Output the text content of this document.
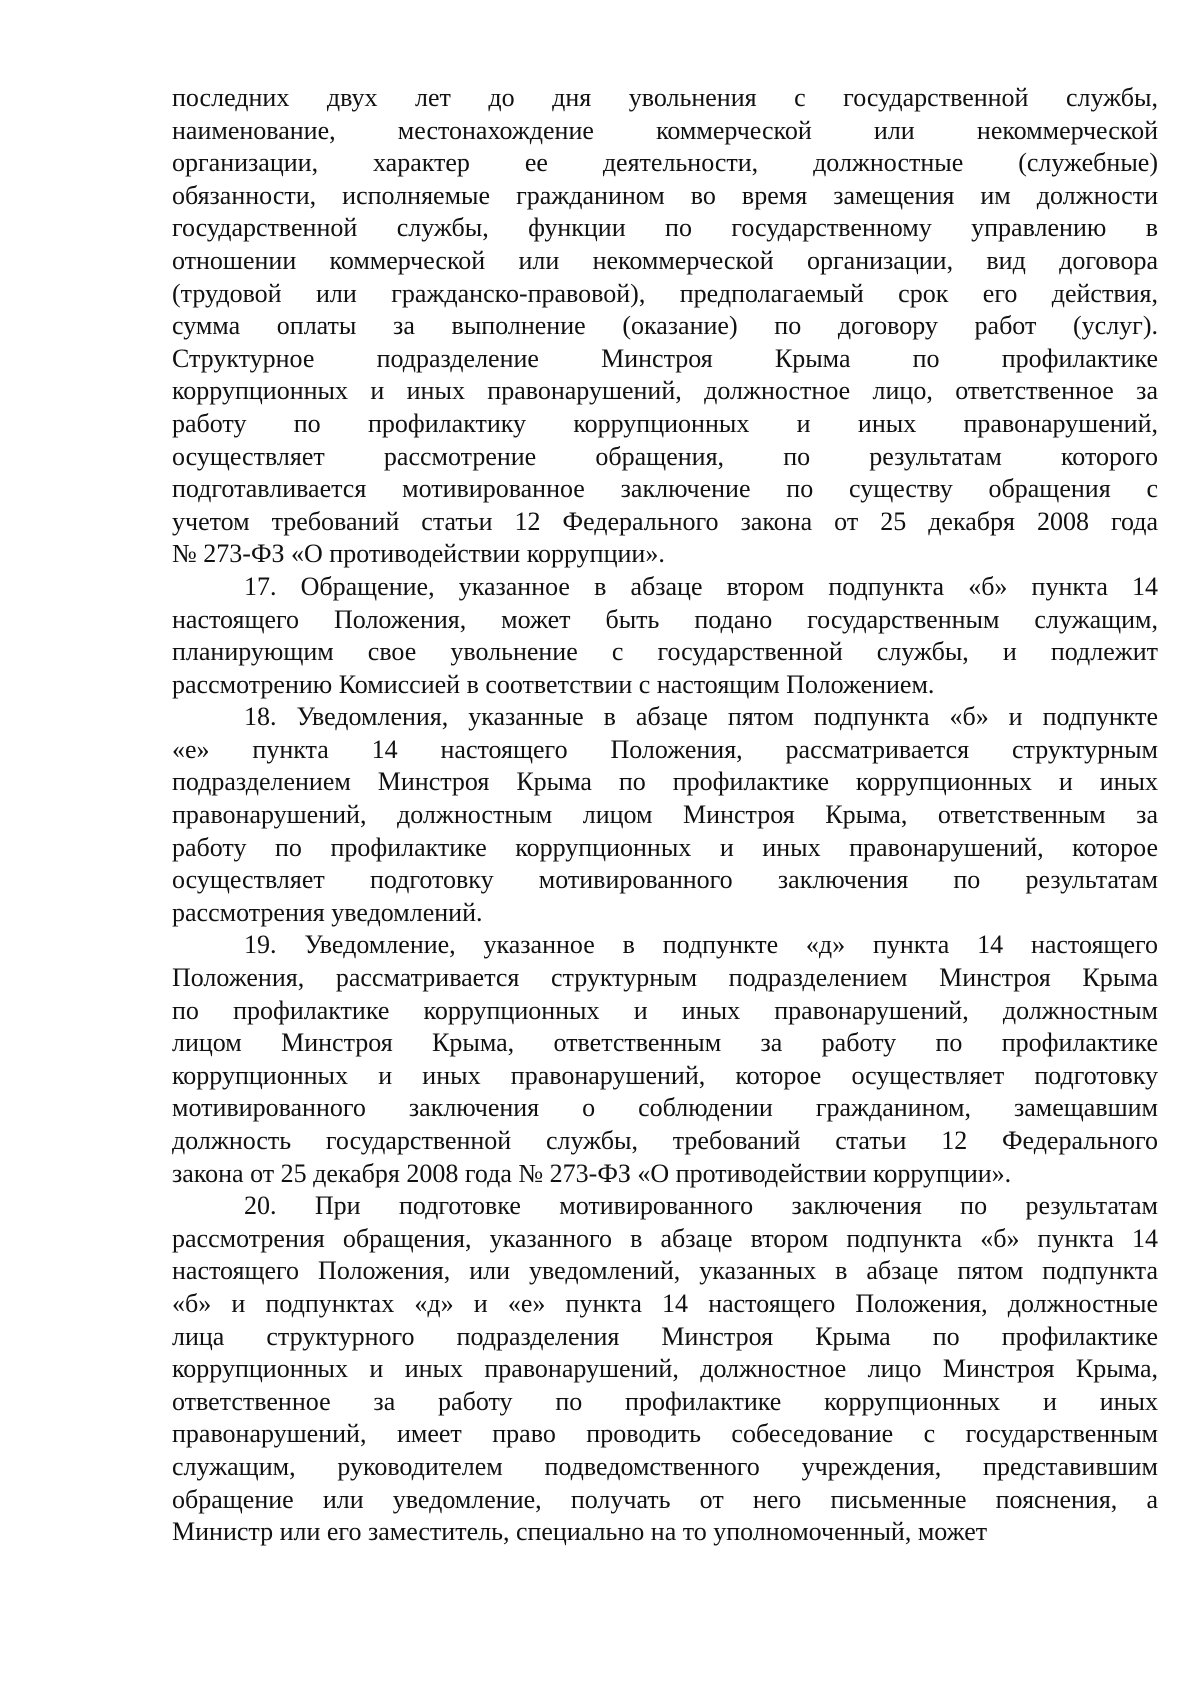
последних двух лет до дня увольнения с государственной службы,

наименование, местонахождение коммерческой или некоммерческой

организации, характер ее деятельности, должностные (служебные)

обязанности, исполняемые гражданином во время замещения им должности

государственной службы, функции по государственному управлению в

отношении коммерческой или некоммерческой организации, вид договора

(трудовой или гражданско-правовой), предполагаемый срок его действия,

сумма оплаты за выполнение (оказание) по договору работ (услуг).

Структурное подразделение Минстроя Крыма по профилактике

коррупционных и иных правонарушений, должностное лицо, ответственное за

работу по профилактику коррупционных и иных правонарушений,

осуществляет рассмотрение обращения, по результатам которого

подготавливается мотивированное заключение по существу обращения с

учетом требований статьи 12 Федерального закона от 25 декабря 2008 года

№ 273-ФЗ «О противодействии коррупции».

17. Обращение, указанное в абзаце втором подпункта «б» пункта 14

настоящего Положения, может быть подано государственным служащим,

планирующим свое увольнение с государственной службы, и подлежит

рассмотрению Комиссией в соответствии с настоящим Положением.

18. Уведомления, указанные в абзаце пятом подпункта «б» и подпункте

«е» пункта 14 настоящего Положения, рассматривается структурным

подразделением Минстроя Крыма по профилактике коррупционных и иных

правонарушений, должностным лицом Минстроя Крыма, ответственным за

работу по профилактике коррупционных и иных правонарушений, которое

осуществляет подготовку мотивированного заключения по результатам

рассмотрения уведомлений.

19. Уведомление, указанное в подпункте «д» пункта 14 настоящего

Положения, рассматривается структурным подразделением Минстроя Крыма

по профилактике коррупционных и иных правонарушений, должностным

лицом Минстроя Крыма, ответственным за работу по профилактике

коррупционных и иных правонарушений, которое осуществляет подготовку

мотивированного заключения о соблюдении гражданином, замещавшим

должность государственной службы, требований статьи 12 Федерального

закона от 25 декабря 2008 года № 273-ФЗ «О противодействии коррупции».

20. При подготовке мотивированного заключения по результатам

рассмотрения обращения, указанного в абзаце втором подпункта «б» пункта 14

настоящего Положения, или уведомлений, указанных в абзаце пятом подпункта

«б» и подпунктах «д» и «е» пункта 14 настоящего Положения, должностные

лица структурного подразделения Минстроя Крыма по профилактике

коррупционных и иных правонарушений, должностное лицо Минстроя Крыма,

ответственное за работу по профилактике коррупционных и иных

правонарушений, имеет право проводить собеседование с государственным

служащим, руководителем подведомственного учреждения, представившим

обращение или уведомление, получать от него письменные пояснения, а

Министр или его заместитель, специально на то уполномоченный, может
